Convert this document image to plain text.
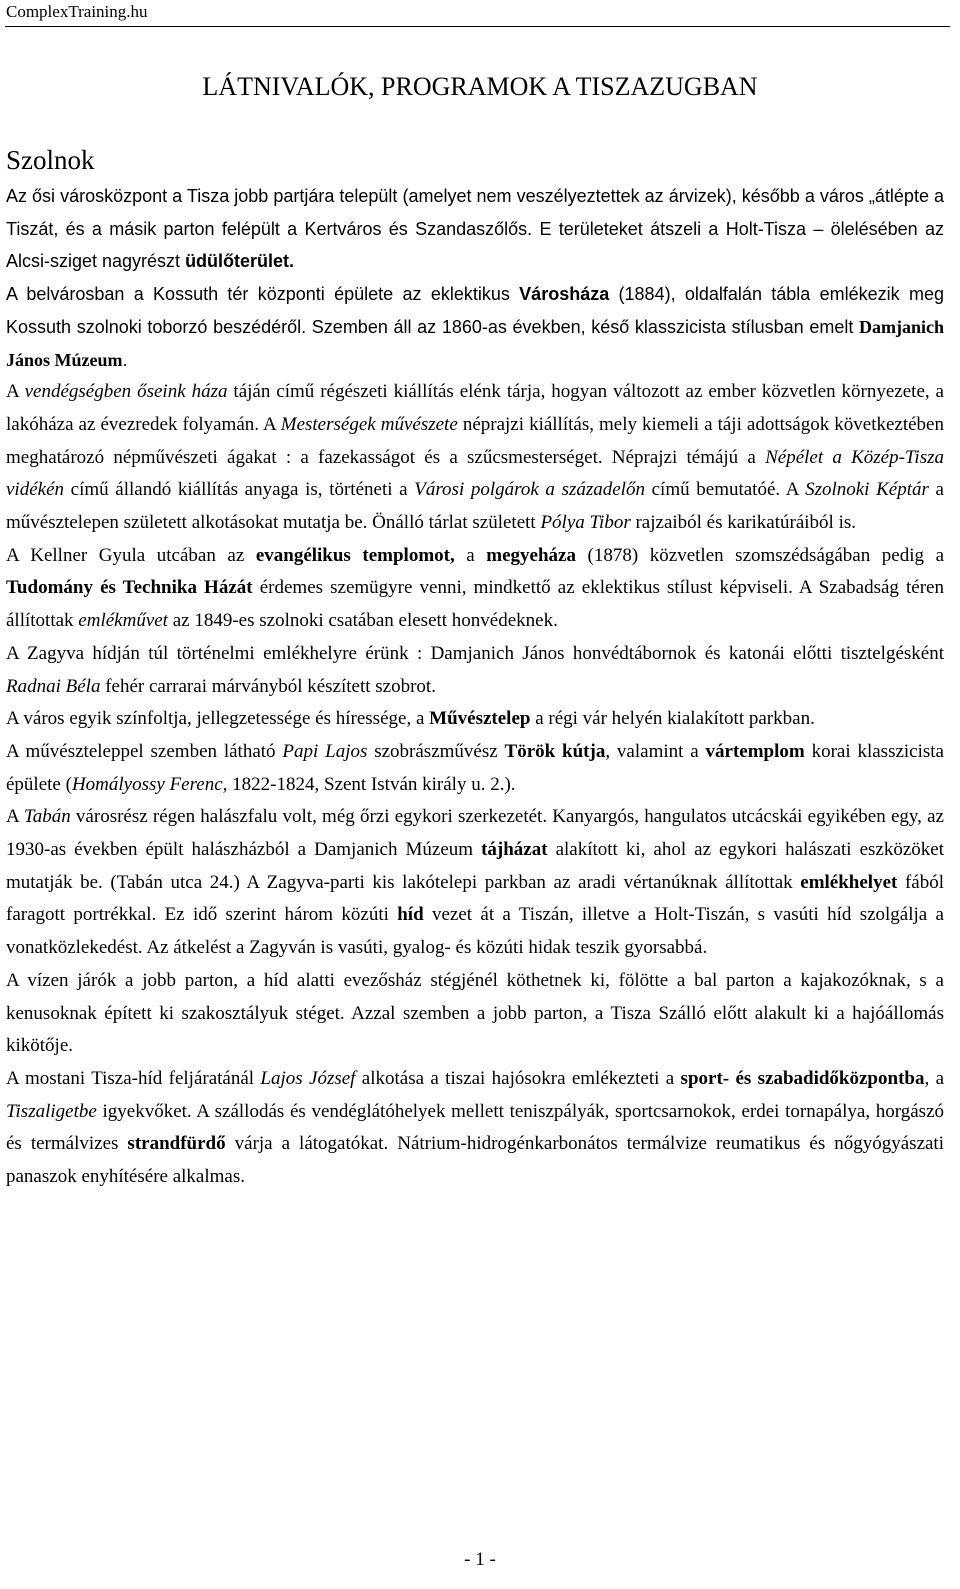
ComplexTraining.hu
LÁTNIVALÓK, PROGRAMOK A TISZAZUGBAN
Szolnok

Az ősi városközpont a Tisza jobb partjára települt (amelyet nem veszélyeztettek az árvizek), később a város „átlépte a Tiszát, és a másik parton felépült a Kertváros és Szandaszőlős. E területeket átszeli a Holt-Tisza – ölelésében az Alcsi-sziget nagyrészt üdülőterület.

A belvárosban a Kossuth tér központi épülete az eklektikus Városháza (1884), oldalfalán tábla emlékezik meg Kossuth szolnoki toborzó beszédéről. Szemben áll az 1860-as években, késő klasszicista stílusban emelt Damjanich János Múzeum.

A vendégségben őseink háza táján című régészeti kiállítás elénk tárja, hogyan változott az ember közvetlen környezete, a lakóháza az évezredek folyamán. A Mesterségek művészete néprajzi kiállítás, mely kiemeli a táji adottságok következtében meghatározó népművészeti ágakat : a fazekasságot és a szűcsmesterséget. Néprajzi témájú a Népélet a Közép-Tisza vidékén című állandó kiállítás anyaga is, történeti a Városi polgárok a századelőn című bemutatóé. A Szolnoki Képtár a művésztelepen született alkotásokat mutatja be. Önálló tárlat született Pólya Tibor rajzaiból és karikatúráiból is.

A Kellner Gyula utcában az evangélikus templomot, a megyeháza (1878) közvetlen szomszédságában pedig a Tudomány és Technika Házát érdemes szemügyre venni, mindkettő az eklektikus stílust képviseli. A Szabadság téren állítottak emlékművet az 1849-es szolnoki csatában elesett honvédeknek.

A Zagyva hídján túl történelmi emlékhelyre érünk : Damjanich János honvédtábornok és katonái előtti tisztelgésként Radnai Béla fehér carrarai márványból készített szobrot.

A város egyik színfoltja, jellegzetessége és híressége, a Művésztelep a régi vár helyén kialakított parkban.

A művészteleppel szemben látható Papi Lajos szobrászművész Török kútja, valamint a vártemplom korai klasszicista épülete (Homályossy Ferenc, 1822-1824, Szent István király u. 2.).

A Tabán városrész régen halászfalu volt, még őrzi egykori szerkezetét. Kanyargós, hangulatos utcácskái egyikében egy, az 1930-as években épült halászházból a Damjanich Múzeum tájházat alakított ki, ahol az egykori halászati eszközöket mutatják be. (Tabán utca 24.) A Zagyva-parti kis lakótelepi parkban az aradi vértanúknak állítottak emlékhelyet fából faragott portrékkal. Ez idő szerint három közúti híd vezet át a Tiszán, illetve a Holt-Tiszán, s vasúti híd szolgálja a vonatközlekedést. Az átkelést a Zagyván is vasúti, gyalog- és közúti hidak teszik gyorsabbá.

A vízen járók a jobb parton, a híd alatti evezősház stégjénél köthetnek ki, fölötte a bal parton a kajakozóknak, s a kenusoknak épített ki szakosztályuk stéget. Azzal szemben a jobb parton, a Tisza Szálló előtt alakult ki a hajóállomás kikötője.

A mostani Tisza-híd feljáratánál Lajos József alkotása a tiszai hajósokra emlékezteti a sport- és szabadidőközpontba, a Tiszaligetbe igyekvőket. A szállodás és vendéglátóhelyek mellett teniszpályák, sportcsarnokok, erdei tornapálya, horgászó és termálvizes strandfürdő várja a látogatókat. Nátrium-hidrogénkarbonátos termálvize reumatikus és nőgyógyászati panaszok enyhítésére alkalmas.

- 1 -
